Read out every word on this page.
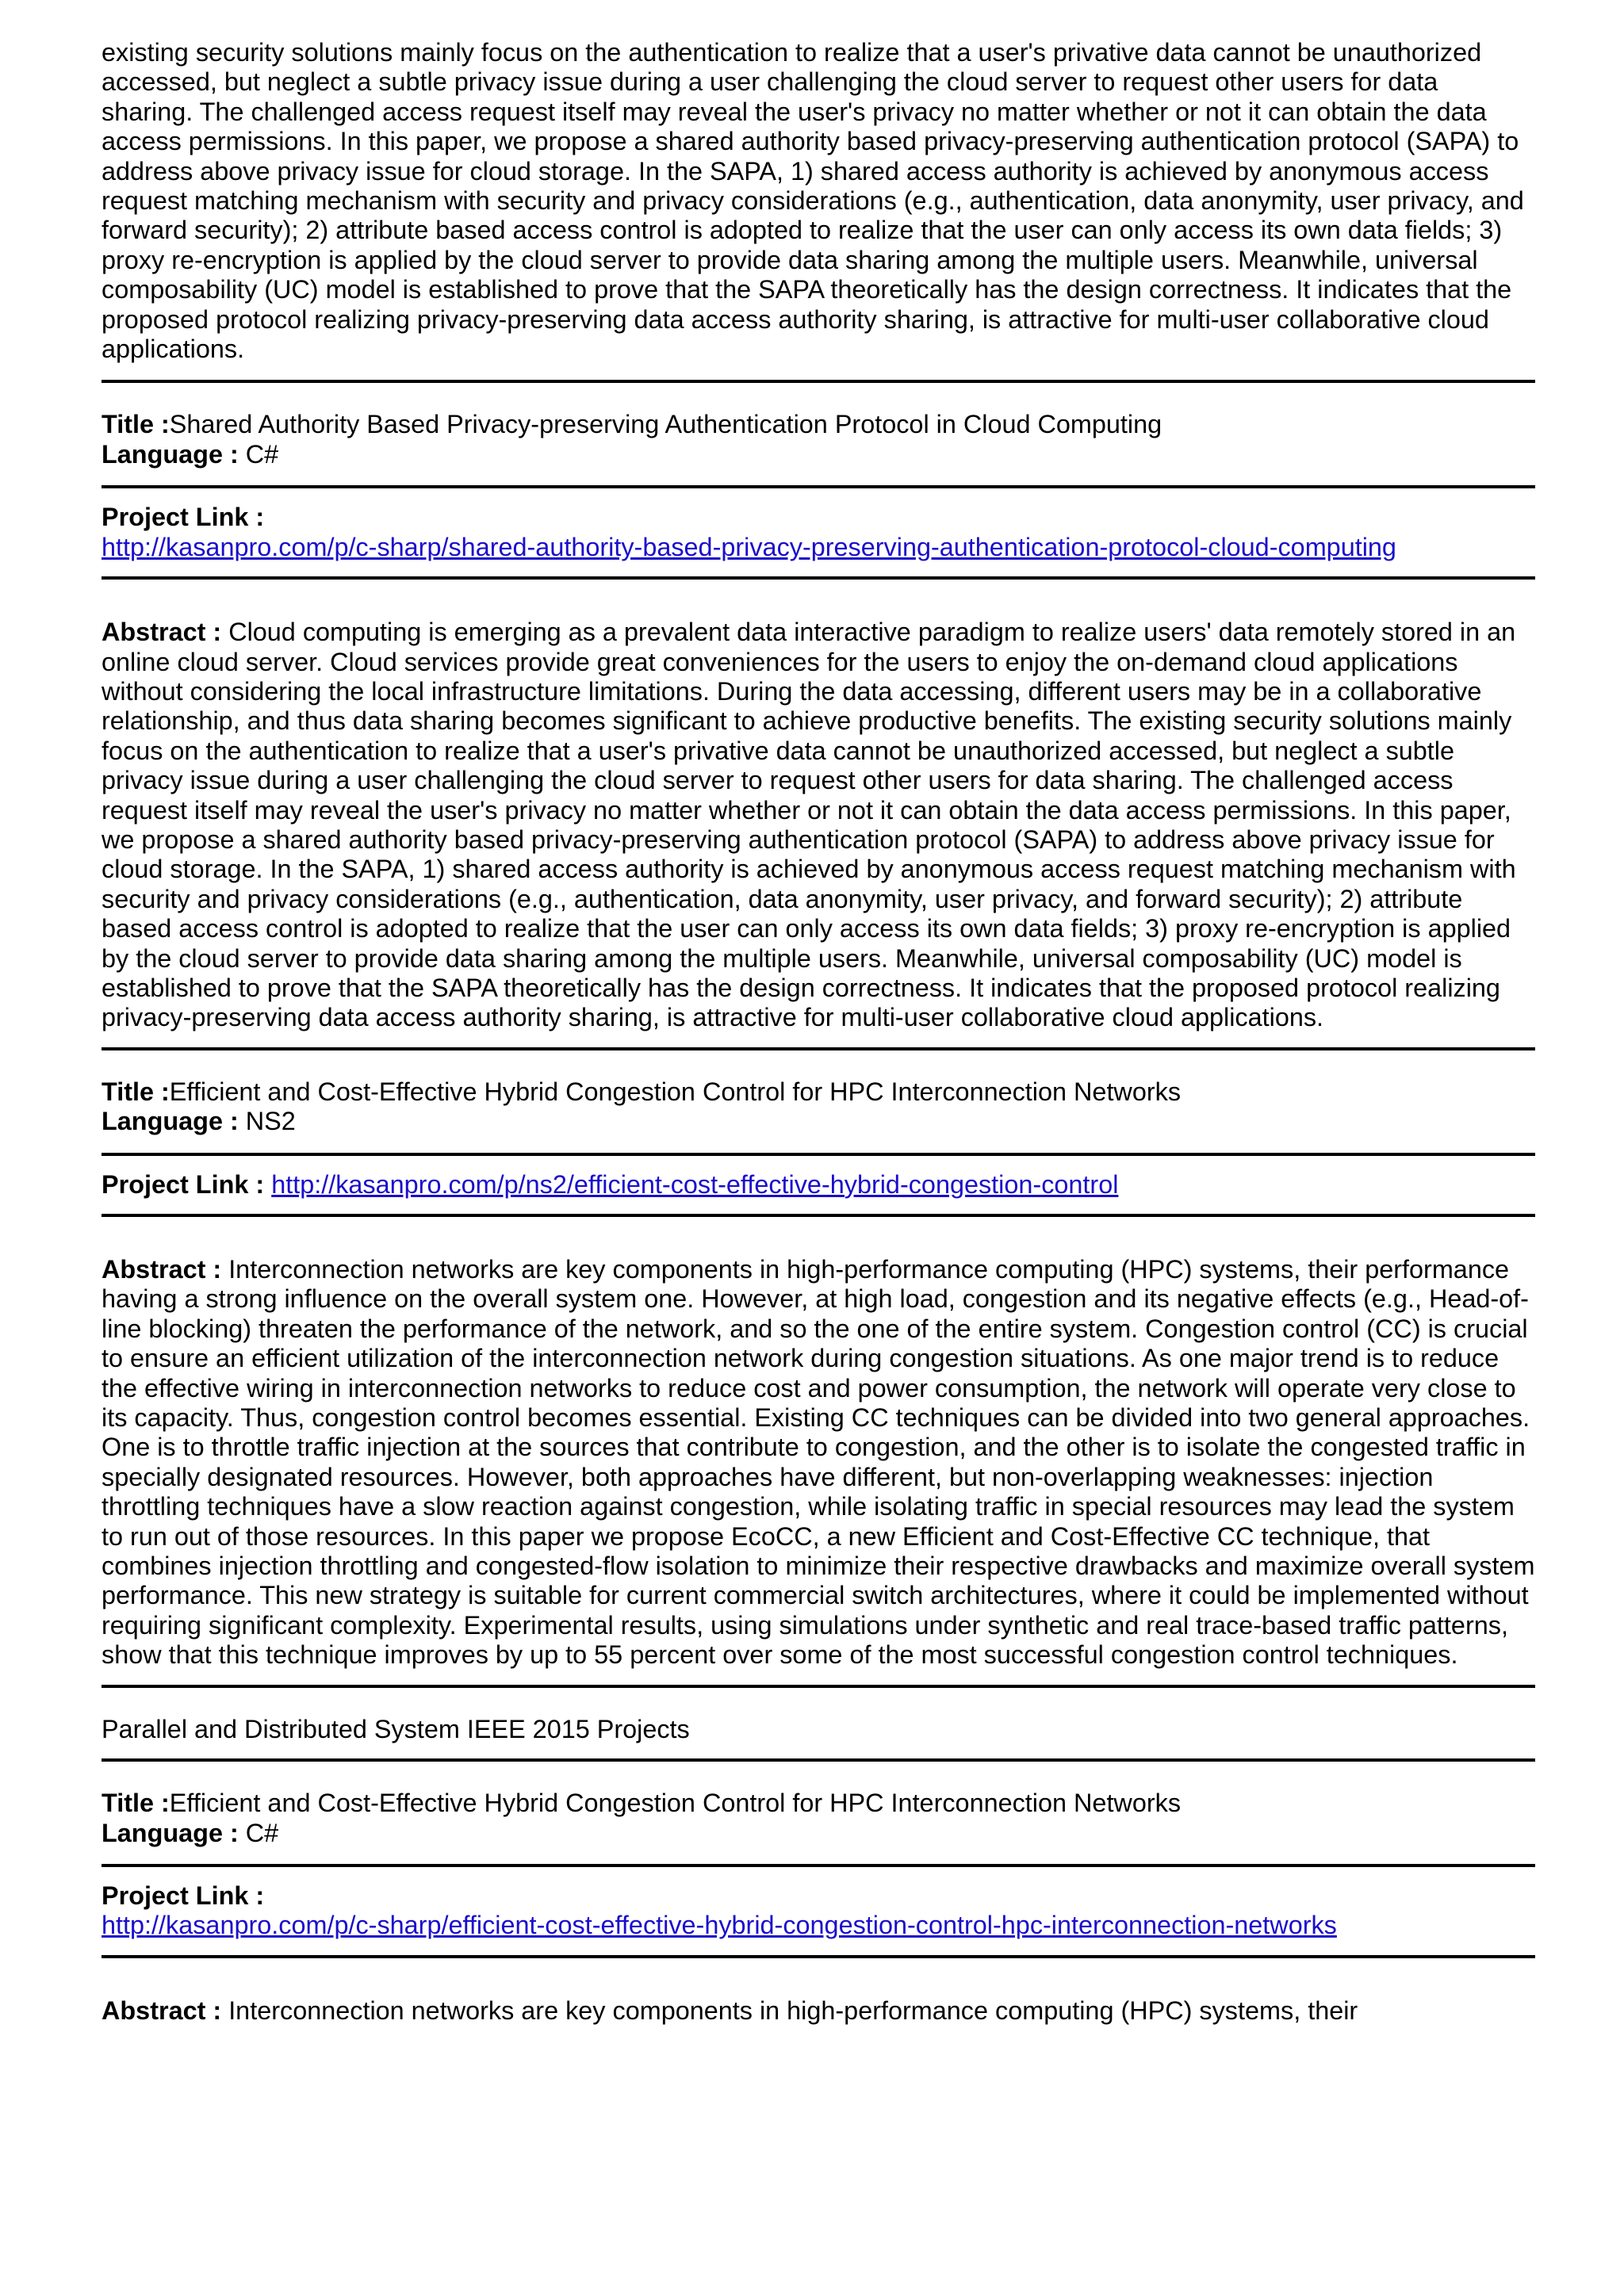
existing security solutions mainly focus on the authentication to realize that a user's privative data cannot be unauthorized accessed, but neglect a subtle privacy issue during a user challenging the cloud server to request other users for data sharing. The challenged access request itself may reveal the user's privacy no matter whether or not it can obtain the data access permissions. In this paper, we propose a shared authority based privacy-preserving authentication protocol (SAPA) to address above privacy issue for cloud storage. In the SAPA, 1) shared access authority is achieved by anonymous access request matching mechanism with security and privacy considerations (e.g., authentication, data anonymity, user privacy, and forward security); 2) attribute based access control is adopted to realize that the user can only access its own data fields; 3) proxy re-encryption is applied by the cloud server to provide data sharing among the multiple users. Meanwhile, universal composability (UC) model is established to prove that the SAPA theoretically has the design correctness. It indicates that the proposed protocol realizing privacy-preserving data access authority sharing, is attractive for multi-user collaborative cloud applications.

Title :Shared Authority Based Privacy-preserving Authentication Protocol in Cloud Computing

Language : C#

Project Link :
http://kasanpro.com/p/c-sharp/shared-authority-based-privacy-preserving-authentication-protocol-cloud-computing

Abstract : Cloud computing is emerging as a prevalent data interactive paradigm to realize users' data remotely stored in an online cloud server. Cloud services provide great conveniences for the users to enjoy the on-demand cloud applications without considering the local infrastructure limitations. During the data accessing, different users may be in a collaborative relationship, and thus data sharing becomes significant to achieve productive benefits. The existing security solutions mainly focus on the authentication to realize that a user's privative data cannot be unauthorized accessed, but neglect a subtle privacy issue during a user challenging the cloud server to request other users for data sharing. The challenged access request itself may reveal the user's privacy no matter whether or not it can obtain the data access permissions. In this paper, we propose a shared authority based privacy-preserving authentication protocol (SAPA) to address above privacy issue for cloud storage. In the SAPA, 1) shared access authority is achieved by anonymous access request matching mechanism with security and privacy considerations (e.g., authentication, data anonymity, user privacy, and forward security); 2) attribute based access control is adopted to realize that the user can only access its own data fields; 3) proxy re-encryption is applied by the cloud server to provide data sharing among the multiple users. Meanwhile, universal composability (UC) model is established to prove that the SAPA theoretically has the design correctness. It indicates that the proposed protocol realizing privacy-preserving data access authority sharing, is attractive for multi-user collaborative cloud applications.

Title :Efficient and Cost-Effective Hybrid Congestion Control for HPC Interconnection Networks

Language : NS2

Project Link : http://kasanpro.com/p/ns2/efficient-cost-effective-hybrid-congestion-control

Abstract : Interconnection networks are key components in high-performance computing (HPC) systems, their performance having a strong influence on the overall system one. However, at high load, congestion and its negative effects (e.g., Head-of-line blocking) threaten the performance of the network, and so the one of the entire system. Congestion control (CC) is crucial to ensure an efficient utilization of the interconnection network during congestion situations. As one major trend is to reduce the effective wiring in interconnection networks to reduce cost and power consumption, the network will operate very close to its capacity. Thus, congestion control becomes essential. Existing CC techniques can be divided into two general approaches. One is to throttle traffic injection at the sources that contribute to congestion, and the other is to isolate the congested traffic in specially designated resources. However, both approaches have different, but non-overlapping weaknesses: injection throttling techniques have a slow reaction against congestion, while isolating traffic in special resources may lead the system to run out of those resources. In this paper we propose EcoCC, a new Efficient and Cost-Effective CC technique, that combines injection throttling and congested-flow isolation to minimize their respective drawbacks and maximize overall system performance. This new strategy is suitable for current commercial switch architectures, where it could be implemented without requiring significant complexity. Experimental results, using simulations under synthetic and real trace-based traffic patterns, show that this technique improves by up to 55 percent over some of the most successful congestion control techniques.

Parallel and Distributed System IEEE 2015 Projects

Title :Efficient and Cost-Effective Hybrid Congestion Control for HPC Interconnection Networks

Language : C#

Project Link :
http://kasanpro.com/p/c-sharp/efficient-cost-effective-hybrid-congestion-control-hpc-interconnection-networks

Abstract : Interconnection networks are key components in high-performance computing (HPC) systems, their
